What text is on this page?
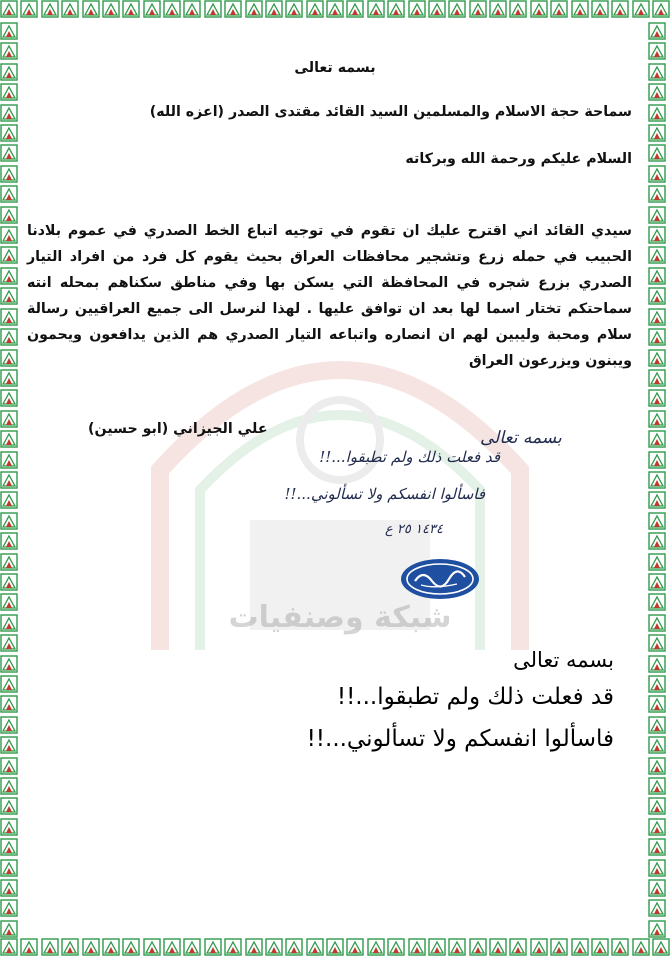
شبكة وصنفيات
بسمه تعالى
سماحة حجة الاسلام والمسلمين السيد القائد مقتدى الصدر (اعزه الله)
السلام عليكم ورحمة الله وبركاته
سيدي القائد اني اقترح عليك ان تقوم في توجيه اتباع الخط الصدري في عموم بلادنا الحبيب في حمله زرع وتشجير محافظات العراق بحيث يقوم كل فرد من افراد التيار الصدري بزرع شجره في المحافظة التي يسكن بها وفي مناطق سكناهم بمحله انته سماحتكم تختار اسما لها بعد ان توافق عليها . لهذا لنرسل الى جميع العراقيين رسالة سلام ومحبة وليبين لهم ان انصاره واتباعه التيار الصدري هم الذين يدافعون ويحمون ويبنون ويزرعون العراق
علي الجيزاني (ابو حسين)	بسمه تعالى
قد فعلت ذلك ولم تطبقوا...!!
فاسألوا انفسكم ولا تسألوني...!!
١٤٣٤ ٢٥ ع
بسمه تعالى
قد فعلت ذلك ولم تطبقوا...!!
فاسألوا انفسكم ولا تسألوني...!!
